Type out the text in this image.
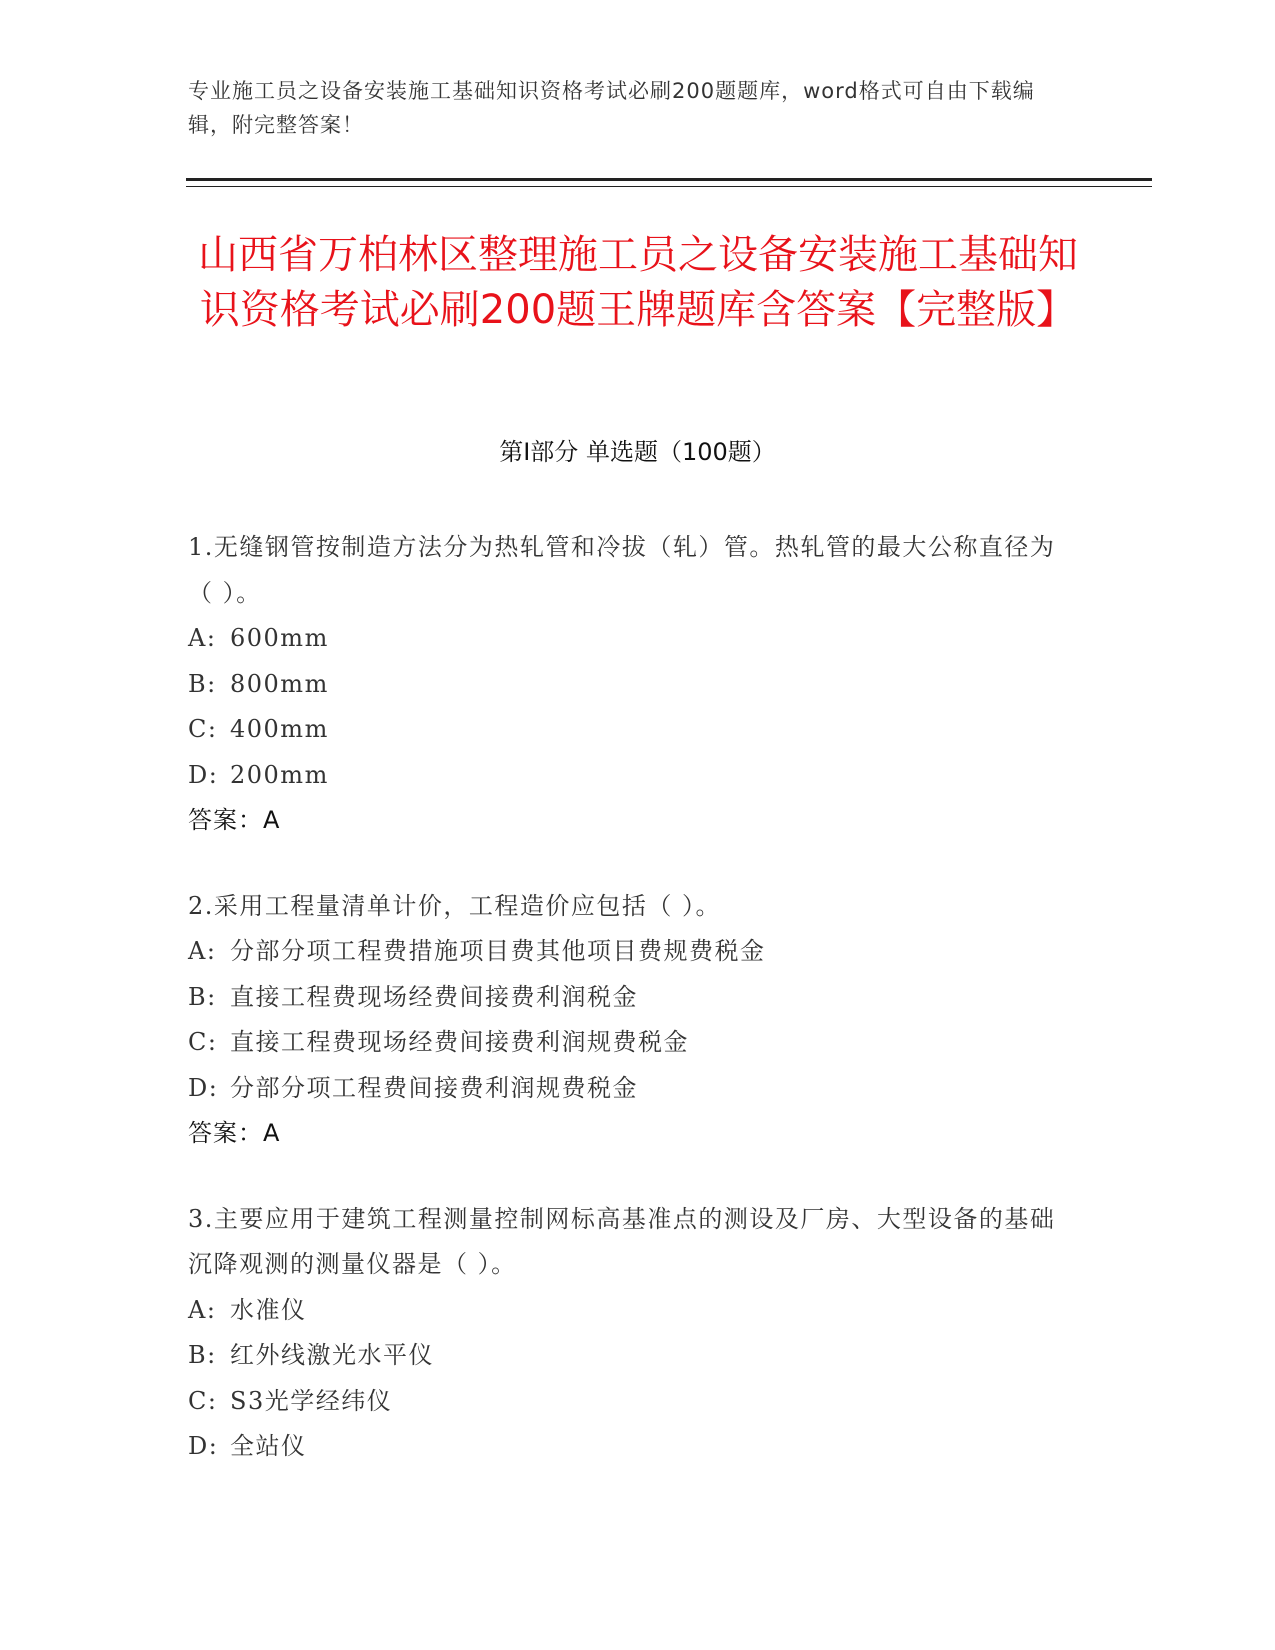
专业施工员之设备安装施工基础知识资格考试必刷200题题库，word格式可自由下载编辑，附完整答案！
山西省万柏林区整理施工员之设备安装施工基础知识资格考试必刷200题王牌题库含答案【完整版】
第I部分 单选题（100题）
1.无缝钢管按制造方法分为热轧管和冷拔（轧）管。热轧管的最大公称直径为（ ）。
A: 600mm
B: 800mm
C: 400mm
D: 200mm
答案：A
2.采用工程量清单计价，工程造价应包括（ ）。
A: 分部分项工程费措施项目费其他项目费规费税金
B: 直接工程费现场经费间接费利润税金
C: 直接工程费现场经费间接费利润规费税金
D: 分部分项工程费间接费利润规费税金
答案：A
3.主要应用于建筑工程测量控制网标高基准点的测设及厂房、大型设备的基础沉降观测的测量仪器是（ ）。
A: 水准仪
B: 红外线激光水平仪
C: S3光学经纬仪
D: 全站仪
